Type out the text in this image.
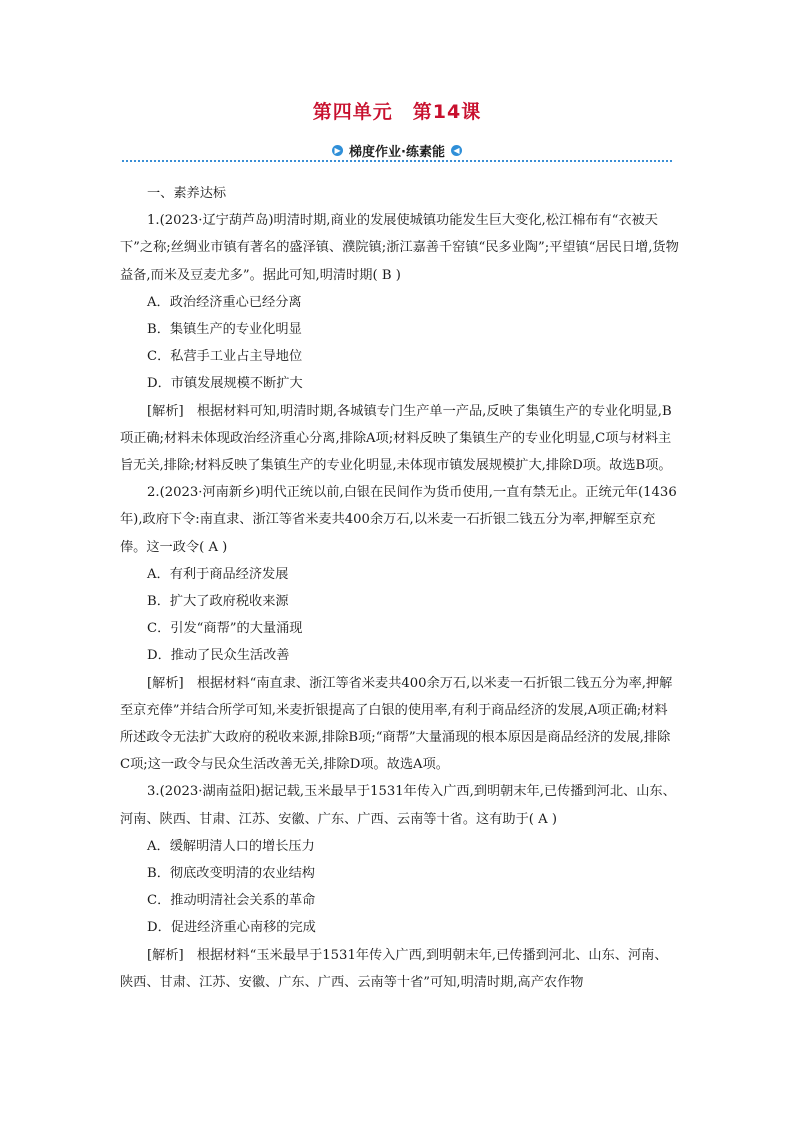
第四单元　第14课
▶ 梯度作业·练素能	◀

一、素养达标

1.(2023·辽宁葫芦岛)明清时期,商业的发展使城镇功能发生巨大变化,松江棉布有“衣被天下”之称;丝绸业市镇有著名的盛泽镇、濮院镇;浙江嘉善千窑镇“民多业陶”;平望镇“居民日增,货物益备,而米及豆麦尤多”。据此可知,明清时期( B )

A．政治经济重心已经分离

B．集镇生产的专业化明显

C．私营手工业占主导地位

D．市镇发展规模不断扩大

[解析]　根据材料可知,明清时期,各城镇专门生产单一产品,反映了集镇生产的专业化明显,B项正确;材料未体现政治经济重心分离,排除A项;材料反映了集镇生产的专业化明显,C项与材料主旨无关,排除;材料反映了集镇生产的专业化明显,未体现市镇发展规模扩大,排除D项。故选B项。

2.(2023·河南新乡)明代正统以前,白银在民间作为货币使用,一直有禁无止。正统元年(1436年),政府下令:南直隶、浙江等省米麦共400余万石,以米麦一石折银二钱五分为率,押解至京充俸。这一政令( A )

A．有利于商品经济发展

B．扩大了政府税收来源

C．引发“商帮”的大量涌现

D．推动了民众生活改善

[解析]　根据材料“南直隶、浙江等省米麦共400余万石,以米麦一石折银二钱五分为率,押解至京充俸”并结合所学可知,米麦折银提高了白银的使用率,有利于商品经济的发展,A项正确;材料所述政令无法扩大政府的税收来源,排除B项;“商帮”大量涌现的根本原因是商品经济的发展,排除C项;这一政令与民众生活改善无关,排除D项。故选A项。

3.(2023·湖南益阳)据记载,玉米最早于1531年传入广西,到明朝末年,已传播到河北、山东、河南、陕西、甘肃、江苏、安徽、广东、广西、云南等十省。这有助于( A )

A．缓解明清人口的增长压力

B．彻底改变明清的农业结构

C．推动明清社会关系的革命

D．促进经济重心南移的完成

[解析]　根据材料“玉米最早于1531年传入广西,到明朝末年,已传播到河北、山东、河南、陕西、甘肃、江苏、安徽、广东、广西、云南等十省”可知,明清时期,高产农作物
